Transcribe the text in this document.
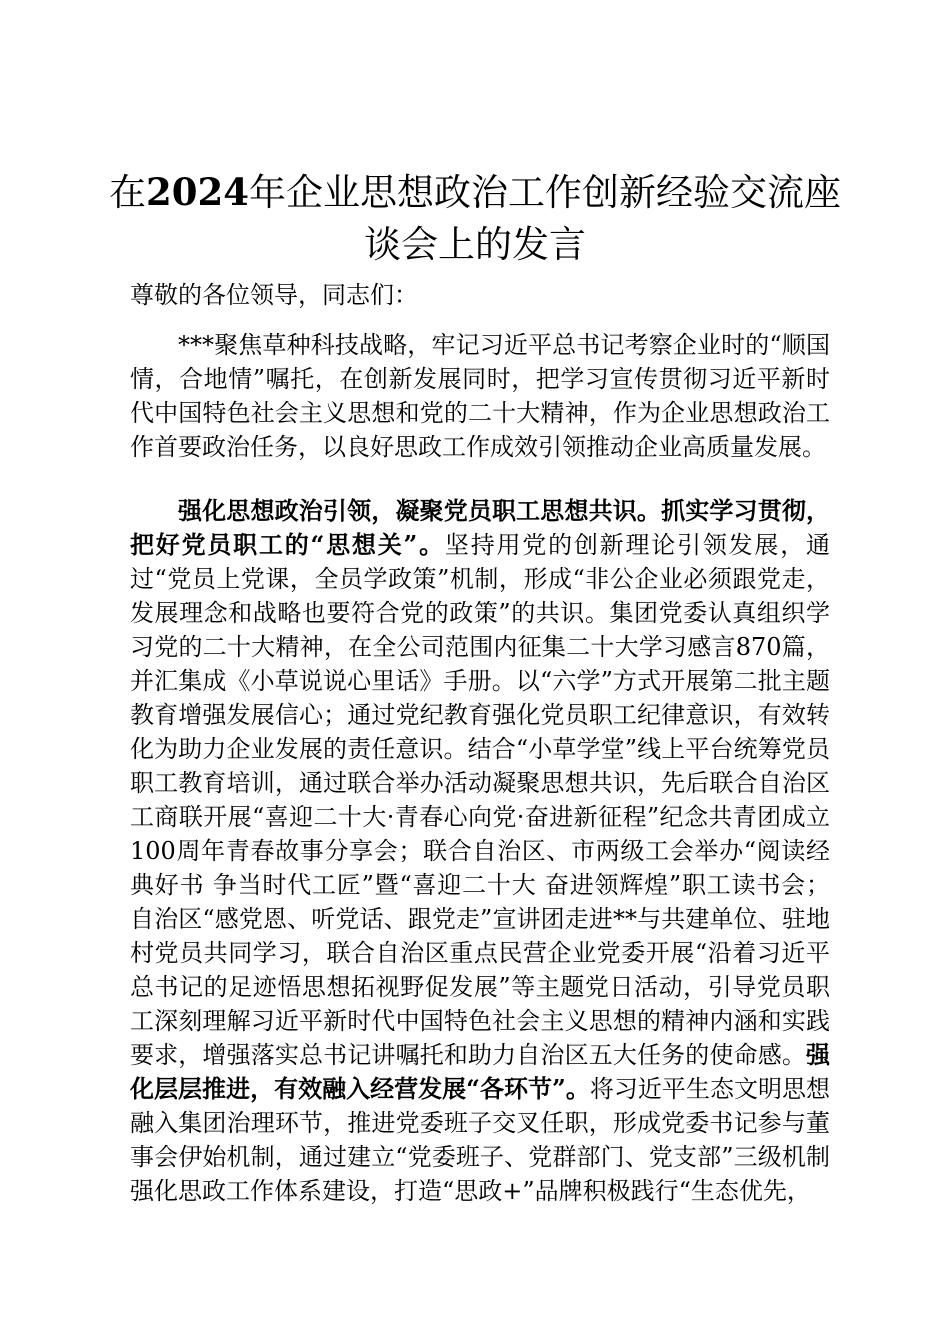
在2024年企业思想政治工作创新经验交流座
谈会上的发言
尊敬的各位领导，同志们：

***聚焦草种科技战略，牢记习近平总书记考察企业时的“顺国情，合地情”嘱托，在创新发展同时，把学习宣传贯彻习近平新时代中国特色社会主义思想和党的二十大精神，作为企业思想政治工作首要政治任务，以良好思政工作成效引领推动企业高质量发展。

强化思想政治引领，凝聚党员职工思想共识。抓实学习贯彻，把好党员职工的“思想关”。坚持用党的创新理论引领发展，通过“党员上党课，全员学政策”机制，形成“非公企业必须跟党走，发展理念和战略也要符合党的政策”的共识。集团党委认真组织学习党的二十大精神，在全公司范围内征集二十大学习感言870篇，并汇集成《小草说说心里话》手册。以“六学”方式开展第二批主题教育增强发展信心；通过党纪教育强化党员职工纪律意识，有效转化为助力企业发展的责任意识。结合“小草学堂”线上平台统筹党员职工教育培训，通过联合举办活动凝聚思想共识，先后联合自治区工商联开展“喜迎二十大·青春心向党·奋进新征程”纪念共青团成立100周年青春故事分享会；联合自治区、市两级工会举办“阅读经典好书 争当时代工匠”暨“喜迎二十大 奋进领辉煌”职工读书会；自治区“感党恩、听党话、跟党走”宣讲团走进**与共建单位、驻地村党员共同学习，联合自治区重点民营企业党委开展“沿着习近平总书记的足迹悟思想拓视野促发展”等主题党日活动，引导党员职工深刻理解习近平新时代中国特色社会主义思想的精神内涵和实践要求，增强落实总书记讲嘱托和助力自治区五大任务的使命感。强化层层推进，有效融入经营发展“各环节”。将习近平生态文明思想融入集团治理环节，推进党委班子交叉任职，形成党委书记参与董事会伊始机制，通过建立“党委班子、党群部门、党支部”三级机制强化思政工作体系建设，打造“思政+”品牌积极践行“生态优先，
